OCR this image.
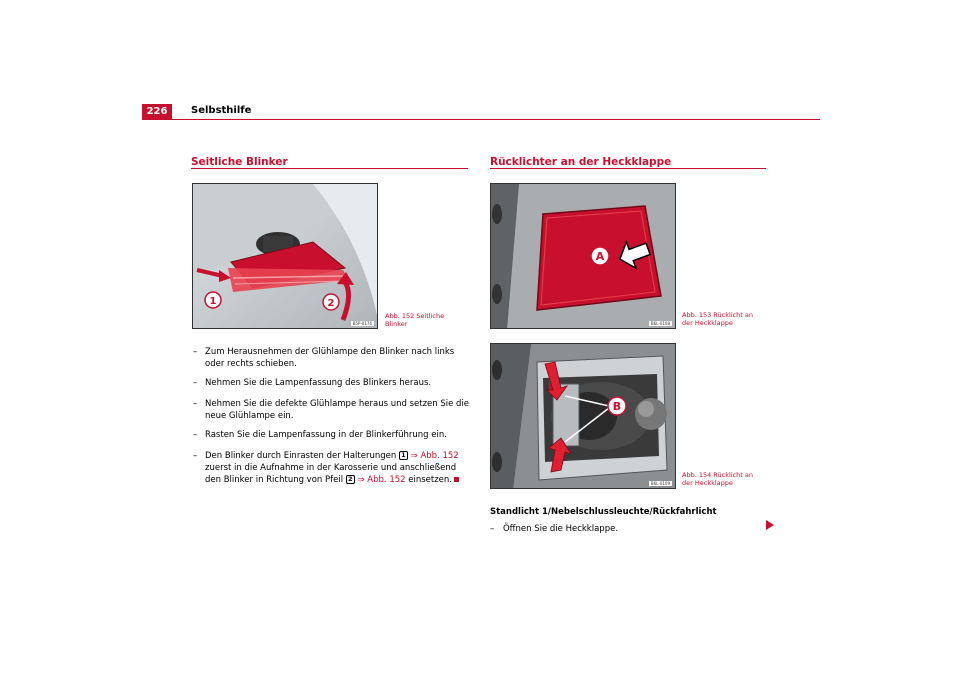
226	Selbsthilfe
Seitliche Blinker
1	2
B5P-0176
Abb. 152 Seitliche
Blinker
– Zum Herausnehmen der Glühlampe den Blinker nach links oder rechts schieben.
– Nehmen Sie die Lampenfassung des Blinkers heraus.
– Nehmen Sie die defekte Glühlampe heraus und setzen Sie die neue Glühlampe ein.
– Rasten Sie die Lampenfassung in der Blinkerführung ein.
– Den Blinker durch Einrasten der Halterungen 1 ⇒ Abb. 152 zuerst in die Aufnahme in der Karosserie und anschließend den Blinker in Richtung von Pfeil 2 ⇒ Abb. 152 einsetzen.
Rücklichter an der Heckklappe
A
B6L-0108
Abb. 153 Rücklicht an
der Heckklappe
B
B6L-0109
Abb. 154 Rücklicht an
der Heckklappe
Standlicht 1/Nebelschlussleuchte/Rückfahrlicht
– Öffnen Sie die Heckklappe.
